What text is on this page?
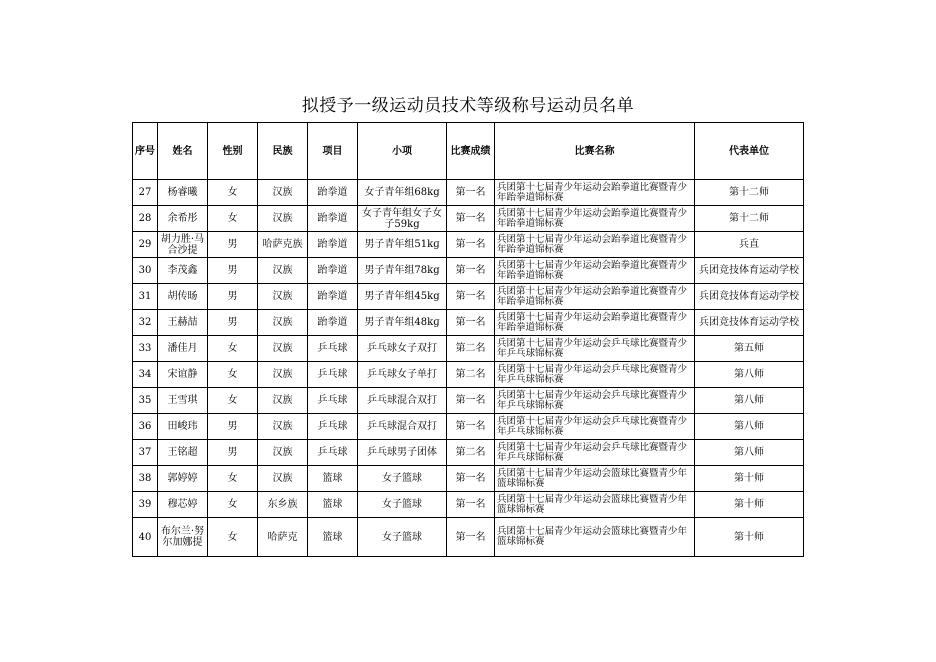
拟授予一级运动员技术等级称号运动员名单
序号	姓名	性别	民族	项目	小项	比赛成绩	比赛名称	代表单位
27	杨睿曦	女	汉族	跆拳道	女子青年组68kg	第一名	兵团第十七届青少年运动会跆拳道比赛暨青少年跆拳道锦标赛	第十二师
28	余希彤	女	汉族	跆拳道	女子青年组女子女子59kg	第一名	兵团第十七届青少年运动会跆拳道比赛暨青少年跆拳道锦标赛	第十二师
29	胡力胜·马合沙提	男	哈萨克族	跆拳道	男子青年组51kɡ	第一名	兵团第十七届青少年运动会跆拳道比赛暨青少年跆拳道锦标赛	兵直
30	李茂鑫	男	汉族	跆拳道	男子青年组78kg	第一名	兵团第十七届青少年运动会跆拳道比赛暨青少年跆拳道锦标赛	兵团竞技体育运动学校
31	胡传旸	男	汉族	跆拳道	男子青年组45kg	第一名	兵团第十七届青少年运动会跆拳道比赛暨青少年跆拳道锦标赛	兵团竞技体育运动学校
32	王赫喆	男	汉族	跆拳道	男子青年组48kɡ	第一名	兵团第十七届青少年运动会跆拳道比赛暨青少年跆拳道锦标赛	兵团竞技体育运动学校
33	潘佳月	女	汉族	乒乓球	乒乓球女子双打	第二名	兵团第十七届青少年运动会乒乓球比赛暨青少年乒乓球锦标赛	第五师
34	宋谊静	女	汉族	乒乓球	乒乓球女子单打	第二名	兵团第十七届青少年运动会乒乓球比赛暨青少年乒乓球锦标赛	第八师
35	王雪琪	女	汉族	乒乓球	乒乓球混合双打	第一名	兵团第十七届青少年运动会乒乓球比赛暨青少年乒乓球锦标赛	第八师
36	田峻玮	男	汉族	乒乓球	乒乓球混合双打	第一名	兵团第十七届青少年运动会乒乓球比赛暨青少年乒乓球锦标赛	第八师
37	王铭超	男	汉族	乒乓球	乒乓球男子团体	第二名	兵团第十七届青少年运动会乒乓球比赛暨青少年乒乓球锦标赛	第八师
38	郭婷婷	女	汉族	篮球	女子篮球	第一名	兵团第十七届青少年运动会篮球比赛暨青少年篮球锦标赛	第十师
39	穆芯婷	女	东乡族	篮球	女子篮球	第一名	兵团第十七届青少年运动会篮球比赛暨青少年篮球锦标赛	第十师
40	布尔兰·努尔加娜提	女	哈萨克	篮球	女子篮球	第一名	兵团第十七届青少年运动会篮球比赛暨青少年篮球锦标赛	第十师
